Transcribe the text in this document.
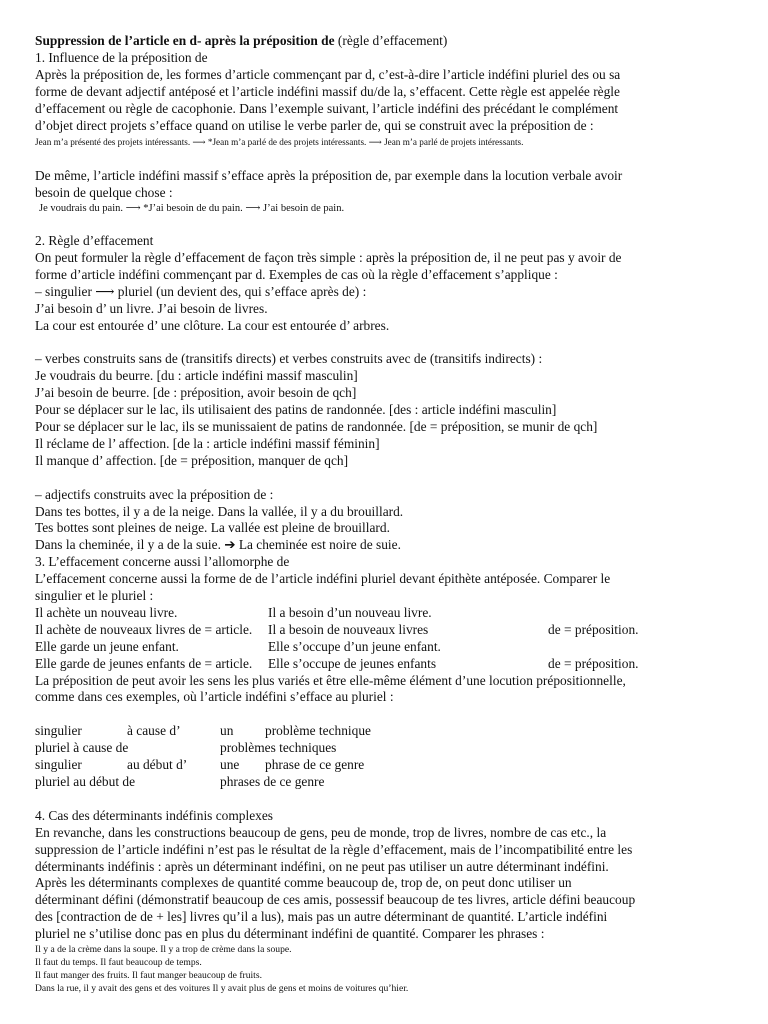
Suppression de l’article en d- après la préposition de (règle d’effacement)
1. Influence de la préposition de
Après la préposition de, les formes d’article commençant par d, c’est-à-dire l’article indéfini pluriel des ou sa
forme de devant adjectif antéposé et l’article indéfini massif du/de la, s’effacent. Cette règle est appelée règle
d’effacement ou règle de cacophonie. Dans l’exemple suivant, l’article indéfini des précédant le complément
d’objet direct projets s’efface quand on utilise le verbe parler de, qui se construit avec la préposition de :
Jean m’a présenté des projets intéressants. ⟶ *Jean m’a parlé de des projets intéressants. ⟶ Jean m’a parlé de projets intéressants.
De même, l’article indéfini massif s’efface après la préposition de, par exemple dans la locution verbale avoir
besoin de quelque chose :
Je voudrais du pain. ⟶ *J’ai besoin de du pain. ⟶ J’ai besoin de pain.
2. Règle d’effacement
On peut formuler la règle d’effacement de façon très simple : après la préposition de, il ne peut pas y avoir de
forme d’article indéfini commençant par d. Exemples de cas où la règle d’effacement s’applique :
– singulier ⟶ pluriel (un devient des, qui s’efface après de) :
J’ai besoin d’ un livre. J’ai besoin de livres.
La cour est entourée d’ une clôture. La cour est entourée d’ arbres.
– verbes construits sans de (transitifs directs) et verbes construits avec de (transitifs indirects) :
Je voudrais du beurre. [du : article indéfini massif masculin]
J’ai besoin de beurre. [de : préposition, avoir besoin de qch]
Pour se déplacer sur le lac, ils utilisaient des patins de randonnée. [des : article indéfini masculin]
Pour se déplacer sur le lac, ils se munissaient de patins de randonnée. [de = préposition, se munir de qch]
Il réclame de l’ affection. [de la : article indéfini massif féminin]
Il manque d’ affection. [de = préposition, manquer de qch]
– adjectifs construits avec la préposition de :
Dans tes bottes, il y a de la neige. Dans la vallée, il y a du brouillard.
Tes bottes sont pleines de neige. La vallée est pleine de brouillard.
Dans la cheminée, il y a de la suie. ➔ La cheminée est noire de suie.
3. L’effacement concerne aussi l’allomorphe de
L’effacement concerne aussi la forme de de l’article indéfini pluriel devant épithète antéposée. Comparer le
singulier et le pluriel :
Il achète un nouveau livre.	Il a besoin d’un nouveau livre.
Il achète de nouveaux livres de = article.	Il a besoin de nouveaux livres	de = préposition.
Elle garde un jeune enfant.	Elle s’occupe d’un jeune enfant.
Elle garde de jeunes enfants de = article.	Elle s’occupe de jeunes enfants	de = préposition.
La préposition de peut avoir les sens les plus variés et être elle-même élément d’une locution prépositionnelle,
comme dans ces exemples, où l’article indéfini s’efface au pluriel :
singulier	à cause d’	un	problème technique
pluriel à cause de	problèmes techniques
singulier	au début d’	une	phrase de ce genre
pluriel au début de	phrases de ce genre
4. Cas des déterminants indéfinis complexes
En revanche, dans les constructions beaucoup de gens, peu de monde, trop de livres, nombre de cas etc., la
suppression de l’article indéfini n’est pas le résultat de la règle d’effacement, mais de l’incompatibilité entre les
déterminants indéfinis : après un déterminant indéfini, on ne peut pas utiliser un autre déterminant indéfini.
Après les déterminants complexes de quantité comme beaucoup de, trop de, on peut donc utiliser un
déterminant défini (démonstratif beaucoup de ces amis, possessif beaucoup de tes livres, article défini beaucoup
des [contraction de de + les] livres qu’il a lus), mais pas un autre déterminant de quantité. L’article indéfini
pluriel ne s’utilise donc pas en plus du déterminant indéfini de quantité. Comparer les phrases :
Il y a de la crème dans la soupe. Il y a trop de crème dans la soupe.
Il faut du temps. Il faut beaucoup de temps.
Il faut manger des fruits. Il faut manger beaucoup de fruits.
Dans la rue, il y avait des gens et des voitures Il y avait plus de gens et moins de voitures qu’hier.
